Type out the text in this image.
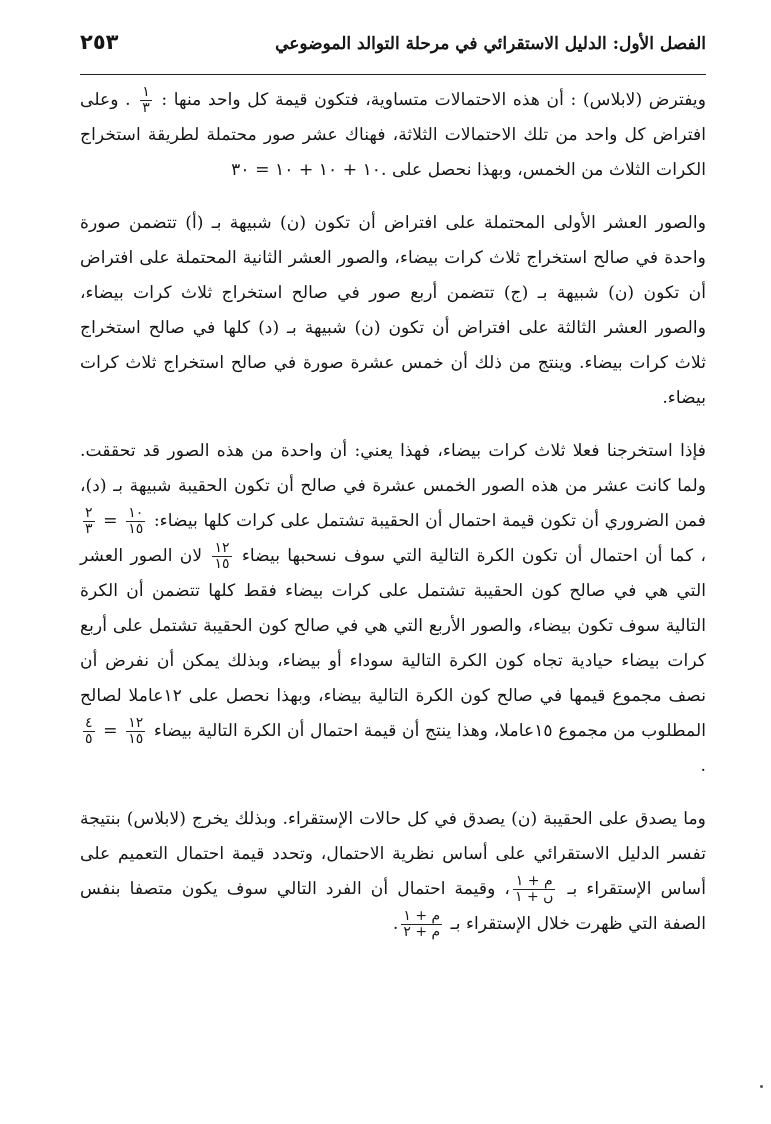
الفصل الأول: الدليل الاستقرائي في مرحلة التوالد الموضوعي
٢٥٣

ويفترض (لابلاس) : أن هذه الاحتمالات متساوية، فتكون قيمة كل واحد منها :
$\frac{١}{٣}$
. وعلى افتراض كل واحد من تلك الاحتمالات الثلاثة، فهناك عشر صور محتملة لطريقة استخراج الكرات الثلاث من الخمس، وبهذا نحصل على ١٠ + ١٠ + ١٠ = ٣٠.

والصور العشر الأولى المحتملة على افتراض أن تكون (ن) شبيهة بـ (أ) تتضمن صورة واحدة في صالح استخراج ثلاث كرات بيضاء، والصور العشر الثانية المحتملة على افتراض أن تكون (ن) شبيهة بـ (ج) تتضمن أربع صور في صالح استخراج ثلاث كرات بيضاء، والصور العشر الثالثة على افتراض أن تكون (ن) شبيهة بـ (د) كلها في صالح استخراج ثلاث كرات بيضاء. وينتج من ذلك أن خمس عشرة صورة في صالح استخراج ثلاث كرات بيضاء.

فإذا استخرجنا فعلا ثلاث كرات بيضاء، فهذا يعني: أن واحدة من هذه الصور قد تحققت. ولما كانت عشر من هذه الصور الخمس عشرة في صالح أن تكون الحقيبة شبيهة بـ (د)، فمن الضروري أن تكون قيمة احتمال أن الحقيبة تشتمل على كرات كلها بيضاء:
$\frac{١٠}{١٥}$
=
$\frac{٢}{٣}$
، كما أن احتمال أن تكون الكرة التالية التي سوف نسحبها بيضاء
$\frac{١٢}{١٥}$
لان الصور العشر التي هي في صالح كون الحقيبة تشتمل على كرات بيضاء فقط كلها تتضمن أن الكرة التالية سوف تكون بيضاء، والصور الأربع التي هي في صالح كون الحقيبة تشتمل على أربع كرات بيضاء حيادية تجاه كون الكرة التالية سوداء أو بيضاء، وبذلك يمكن أن نفرض أن نصف مجموع قيمها في صالح كون الكرة التالية بيضاء، وبهذا نحصل على ١٢عاملا لصالح المطلوب من مجموع ١٥عاملا، وهذا ينتج أن قيمة احتمال أن الكرة التالية بيضاء
$\frac{١٢}{١٥}$
=
$\frac{٤}{٥}$
.

وما يصدق على الحقيبة (ن) يصدق في كل حالات الإستقراء. وبذلك يخرج (لابلاس) بنتيجة تفسر الدليل الاستقرائي على أساس نظرية الاحتمال، وتحدد قيمة احتمال التعميم على أساس الإستقراء بـ
$\frac{\text{م + ١}}{\text{ں + ١}}$
، وقيمة احتمال أن الفرد التالي سوف يكون متصفا بنفس الصفة التي ظهرت خلال الإستقراء بـ
$\frac{\text{م + ١}}{\text{م + ٢}}$
.
